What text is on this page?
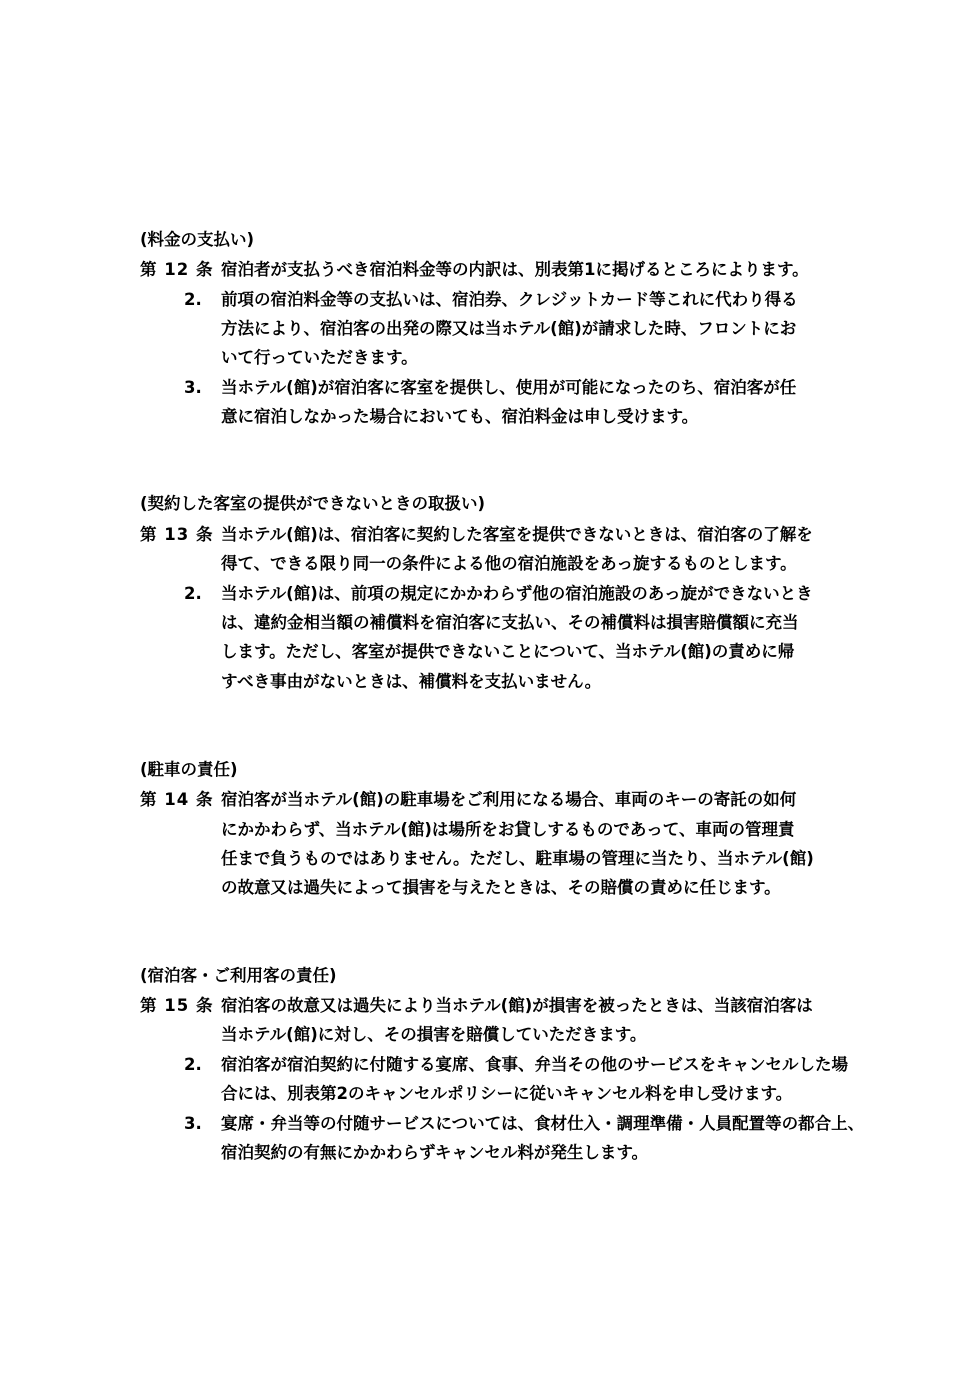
(料金の支払い)
第 12 条 宿泊者が支払うべき宿泊料金等の内訳は、別表第1に掲げるところによります。
2. 前項の宿泊料金等の支払いは、宿泊券、クレジットカード等これに代わり得る
方法により、宿泊客の出発の際又は当ホテル(館)が請求した時、フロントにお
いて行っていただきます。
3. 当ホテル(館)が宿泊客に客室を提供し、使用が可能になったのち、宿泊客が任
意に宿泊しなかった場合においても、宿泊料金は申し受けます。
(契約した客室の提供ができないときの取扱い)
第 13 条 当ホテル(館)は、宿泊客に契約した客室を提供できないときは、宿泊客の了解を
得て、できる限り同一の条件による他の宿泊施設をあっ旋するものとします。
2. 当ホテル(館)は、前項の規定にかかわらず他の宿泊施設のあっ旋ができないとき
は、違約金相当額の補償料を宿泊客に支払い、その補償料は損害賠償額に充当
します。ただし、客室が提供できないことについて、当ホテル(館)の責めに帰
すべき事由がないときは、補償料を支払いません。
(駐車の責任)
第 14 条 宿泊客が当ホテル(館)の駐車場をご利用になる場合、車両のキーの寄託の如何
にかかわらず、当ホテル(館)は場所をお貸しするものであって、車両の管理責
任まで負うものではありません。ただし、駐車場の管理に当たり、当ホテル(館)
の故意又は過失によって損害を与えたときは、その賠償の責めに任じます。
(宿泊客・ご利用客の責任)
第 15 条 宿泊客の故意又は過失により当ホテル(館)が損害を被ったときは、当該宿泊客は
当ホテル(館)に対し、その損害を賠償していただきます。
2. 宿泊客が宿泊契約に付随する宴席、食事、弁当その他のサービスをキャンセルした場
合には、別表第2のキャンセルポリシーに従いキャンセル料を申し受けます。
3. 宴席・弁当等の付随サービスについては、食材仕入・調理準備・人員配置等の都合上、
宿泊契約の有無にかかわらずキャンセル料が発生します。
